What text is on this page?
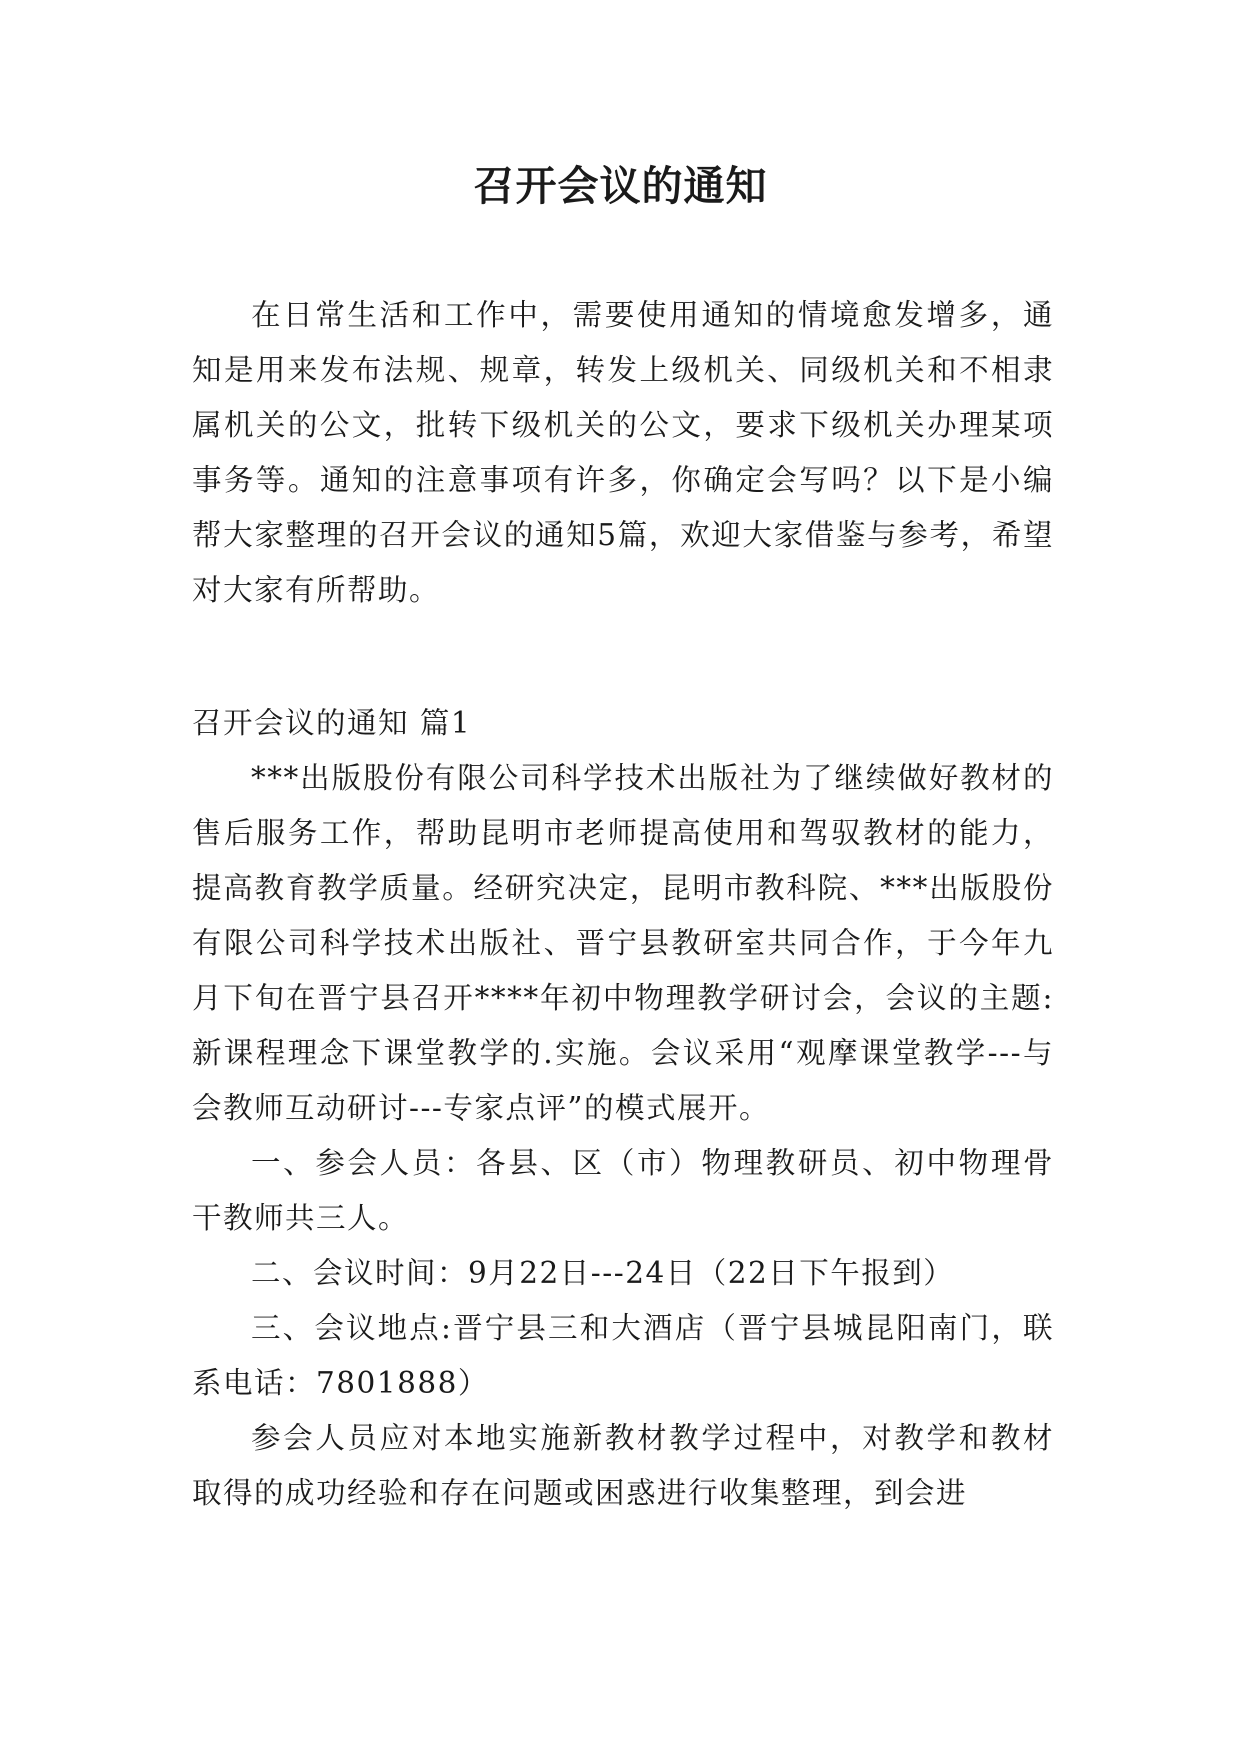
召开会议的通知

在日常生活和工作中，需要使用通知的情境愈发增多，通知是用来发布法规、规章，转发上级机关、同级机关和不相隶属机关的公文，批转下级机关的公文，要求下级机关办理某项事务等。通知的注意事项有许多，你确定会写吗？以下是小编帮大家整理的召开会议的通知5篇，欢迎大家借鉴与参考，希望对大家有所帮助。

召开会议的通知 篇1

***出版股份有限公司科学技术出版社为了继续做好教材的售后服务工作，帮助昆明市老师提高使用和驾驭教材的能力，提高教育教学质量。经研究决定，昆明市教科院、***出版股份有限公司科学技术出版社、晋宁县教研室共同合作，于今年九月下旬在晋宁县召开****年初中物理教学研讨会，会议的主题:新课程理念下课堂教学的.实施。会议采用“观摩课堂教学---与会教师互动研讨---专家点评”的模式展开。

一、参会人员：各县、区（市）物理教研员、初中物理骨干教师共三人。

二、会议时间：9月22日---24日（22日下午报到）

三、会议地点:晋宁县三和大酒店（晋宁县城昆阳南门，联系电话：7801888）

参会人员应对本地实施新教材教学过程中，对教学和教材取得的成功经验和存在问题或困惑进行收集整理，到会进
